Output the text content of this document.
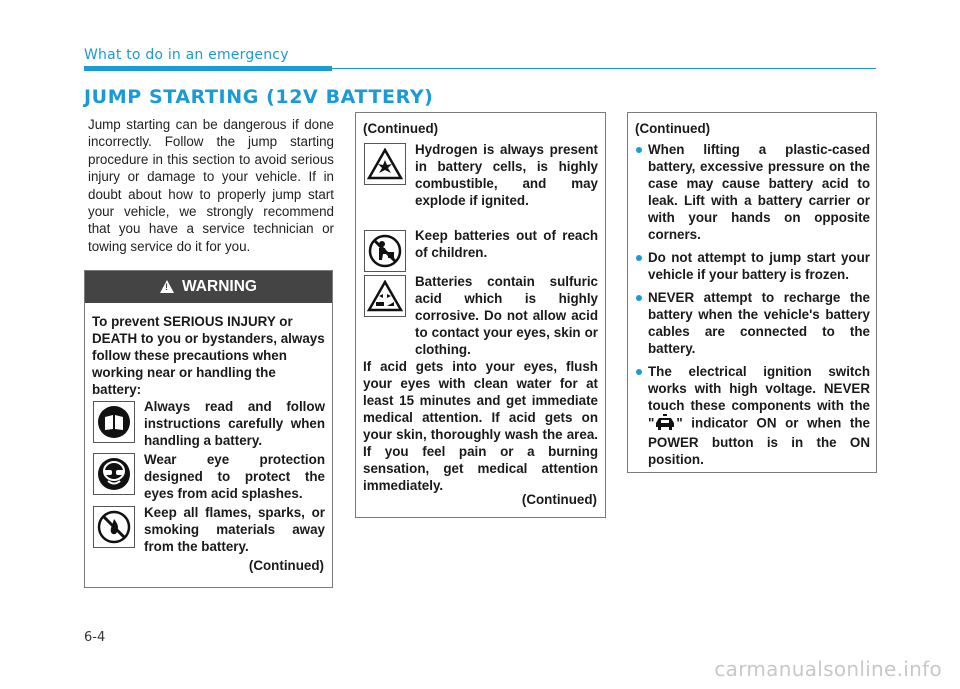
What to do in an emergency
JUMP STARTING (12V BATTERY)
Jump starting can be dangerous if done incorrectly. Follow the jump starting procedure in this section to avoid serious injury or damage to your vehicle. If in doubt about how to properly jump start your vehicle, we strongly recommend that you have a service technician or towing service do it for you.
!
WARNING
To prevent SERIOUS INJURY or DEATH to you or bystanders, always follow these precautions when working near or handling the battery:
Always read and follow instructions carefully when handling a battery.
Wear eye protection designed to protect the eyes from acid splashes.
Keep all flames, sparks, or smoking materials away from the battery.
(Continued)
(Continued)
Hydrogen is always present in battery cells, is highly combustible, and may explode if ignited.
Keep batteries out of reach of children.
Batteries contain sulfuric acid which is highly corrosive. Do not allow acid to contact your eyes, skin or clothing.
If acid gets into your eyes, flush your eyes with clean water for at least 15 minutes and get immediate medical attention. If acid gets on your skin, thoroughly wash the area. If you feel pain or a burning sensation, get medical attention immediately.
(Continued)
(Continued)
When lifting a plastic-cased battery, excessive pressure on the case may cause battery acid to leak. Lift with a battery carrier or with your hands on opposite corners.
Do not attempt to jump start your vehicle if your battery is frozen.
NEVER attempt to recharge the battery when the vehicle's battery cables are connected to the battery.
The electrical ignition switch works with high voltage. NEVER touch these components with the " " indicator ON or when the POWER button is in the ON position.
6-4
carmanualsonline.info
